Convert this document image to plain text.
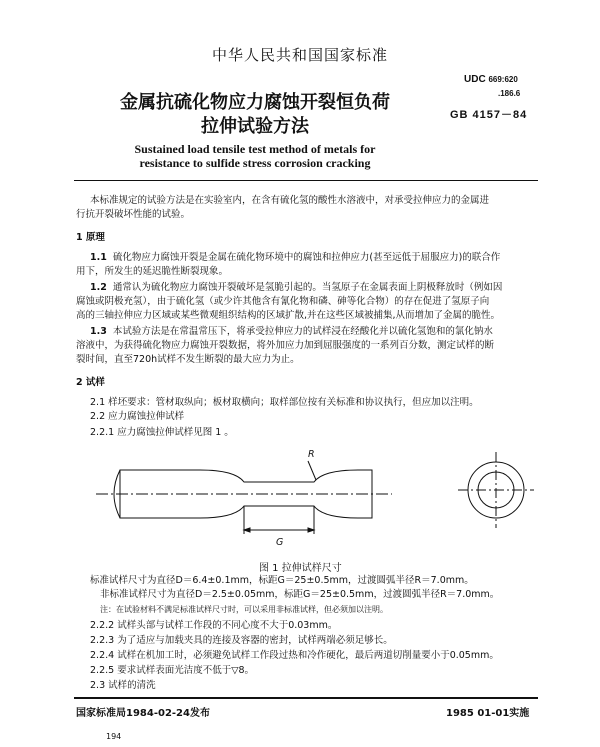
中华人民共和国国家标准
金属抗硫化物应力腐蚀开裂恒负荷
拉伸试验方法
UDC 669:620
.186.6
GB 4157－84
Sustained load tensile test method of metals for
resistance to sulfide stress corrosion cracking
本标准规定的试验方法是在实验室内，在含有硫化氢的酸性水溶液中，对承受拉伸应力的金属进
行抗开裂破坏性能的试验。
1 原理
1.1 硫化物应力腐蚀开裂是金属在硫化物环境中的腐蚀和拉伸应力(甚至远低于屈服应力)的联合作
用下，所发生的延迟脆性断裂现象。
1.2 通常认为硫化物应力腐蚀开裂破坏是氢脆引起的。当氢原子在金属表面上阴极释放时（例如因
腐蚀或阴极充氢），由于硫化氢（或少许其他含有氰化物和磷、砷等化合物）的存在促进了氢原子向
高的三轴拉伸应力区域或某些微观组织结构的区域扩散,并在这些区域被捕集,从而增加了金属的脆性。
1.3 本试验方法是在常温常压下，将承受拉伸应力的试样浸在经酸化并以硫化氢饱和的氯化钠水
溶液中，为获得硫化物应力腐蚀开裂数据，将外加应力加到屈服强度的一系列百分数，测定试样的断
裂时间，直至720h试样不发生断裂的最大应力为止。
2 试样
2.1 样坯要求：管材取纵向；板材取横向；取样部位按有关标准和协议执行，但应加以注明。
2.2 应力腐蚀拉伸试样
2.2.1 应力腐蚀拉伸试样见图 1 。
R
G
图 1 拉伸试样尺寸
标准试样尺寸为直径D＝6.4±0.1mm，标距G＝25±0.5mm，过渡圆弧半径R＝7.0mm。
非标准试样尺寸为直径D＝2.5±0.05mm，标距G＝25±0.5mm，过渡圆弧半径R＝7.0mm。
注：在试验材料不满足标准试样尺寸时，可以采用非标准试样，但必须加以注明。
2.2.2 试样头部与试样工作段的不同心度不大于0.03mm。
2.2.3 为了适应与加载夹具的连接及容器的密封，试样两端必须足够长。
2.2.4 试样在机加工时，必须避免试样工作段过热和冷作硬化，最后两道切削量要小于0.05mm。
2.2.5 要求试样表面光洁度不低于▽8。
2.3 试样的清洗
国家标准局1984-02-24发布	1985 01-01实施
194
